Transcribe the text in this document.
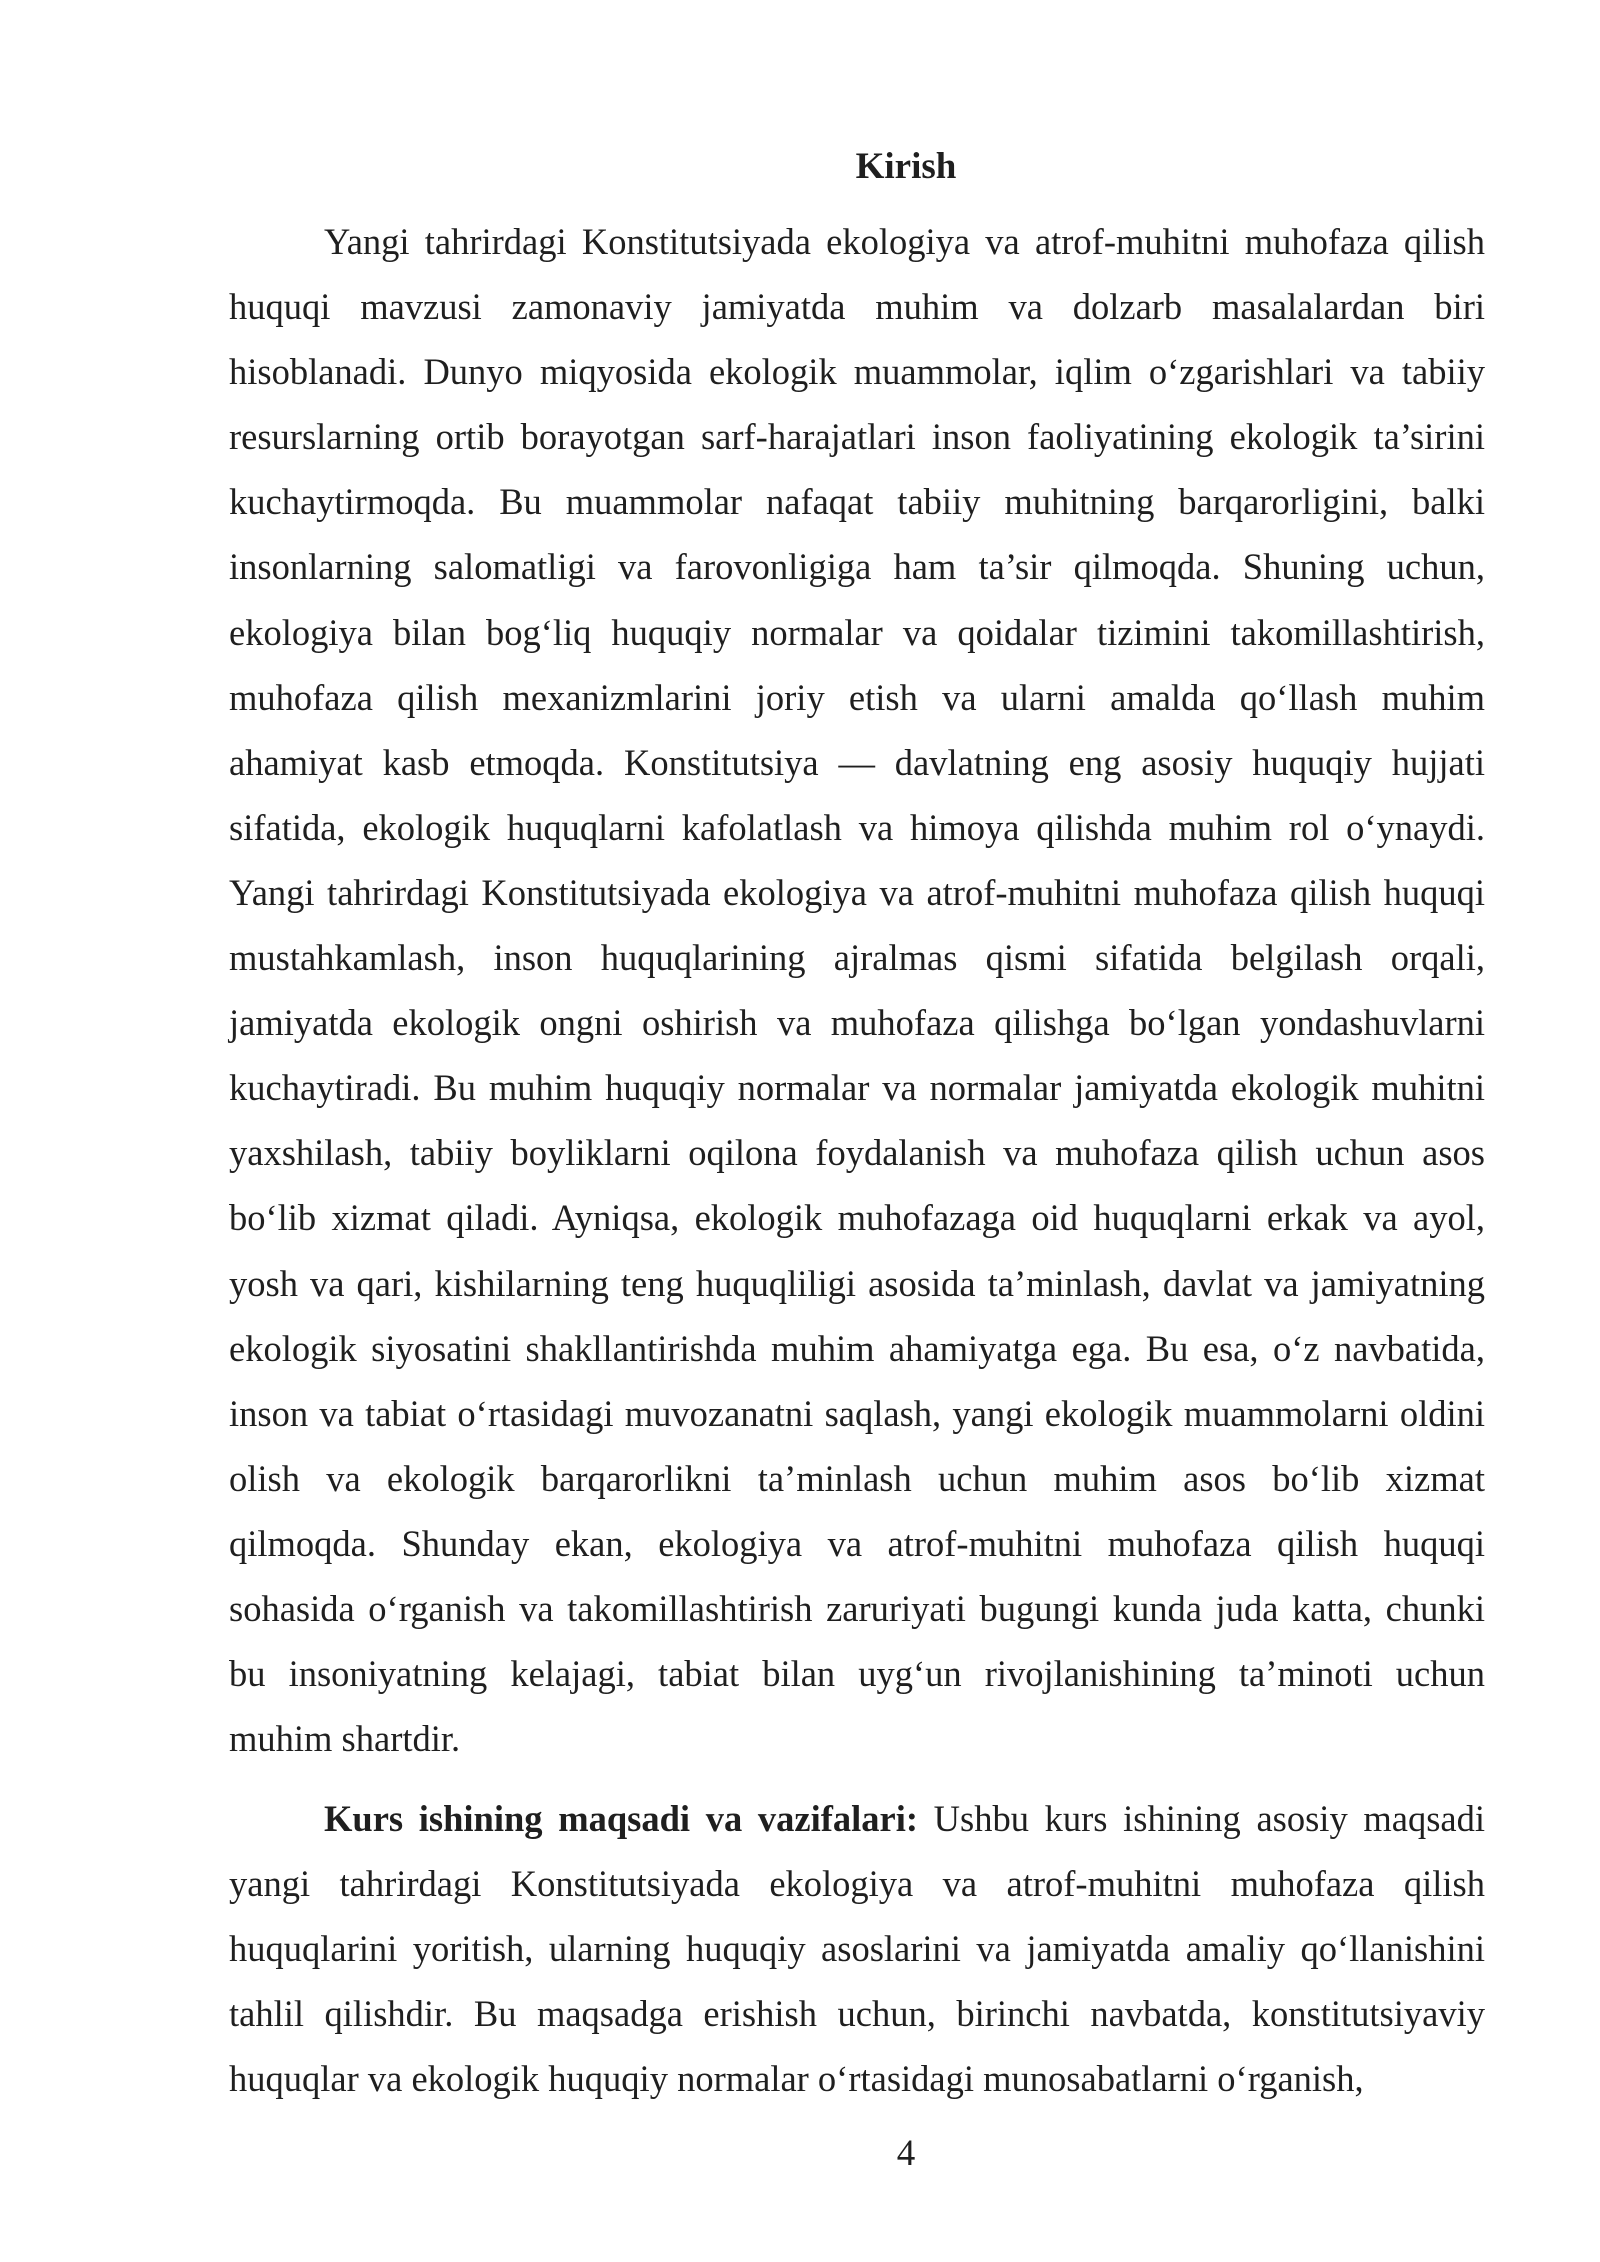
Kirish

Yangi tahrirdagi Konstitutsiyada ekologiya va atrof-muhitni muhofaza qilish huquqi mavzusi zamonaviy jamiyatda muhim va dolzarb masalalardan biri hisoblanadi. Dunyo miqyosida ekologik muammolar, iqlim o‘zgarishlari va tabiiy resurslarning ortib borayotgan sarf-harajatlari inson faoliyatining ekologik ta’sirini kuchaytirmoqda. Bu muammolar nafaqat tabiiy muhitning barqarorligini, balki insonlarning salomatligi va farovonligiga ham ta’sir qilmoqda. Shuning uchun, ekologiya bilan bog‘liq huquqiy normalar va qoidalar tizimini takomillashtirish, muhofaza qilish mexanizmlarini joriy etish va ularni amalda qo‘llash muhim ahamiyat kasb etmoqda. Konstitutsiya — davlatning eng asosiy huquqiy hujjati sifatida, ekologik huquqlarni kafolatlash va himoya qilishda muhim rol o‘ynaydi. Yangi tahrirdagi Konstitutsiyada ekologiya va atrof-muhitni muhofaza qilish huquqi mustahkamlash, inson huquqlarining ajralmas qismi sifatida belgilash orqali, jamiyatda ekologik ongni oshirish va muhofaza qilishga bo‘lgan yondashuvlarni kuchaytiradi. Bu muhim huquqiy normalar va normalar jamiyatda ekologik muhitni yaxshilash, tabiiy boyliklarni oqilona foydalanish va muhofaza qilish uchun asos bo‘lib xizmat qiladi. Ayniqsa, ekologik muhofazaga oid huquqlarni erkak va ayol, yosh va qari, kishilarning teng huquqliligi asosida ta’minlash, davlat va jamiyatning ekologik siyosatini shakllantirishda muhim ahamiyatga ega. Bu esa, o‘z navbatida, inson va tabiat o‘rtasidagi muvozanatni saqlash, yangi ekologik muammolarni oldini olish va ekologik barqarorlikni ta’minlash uchun muhim asos bo‘lib xizmat qilmoqda. Shunday ekan, ekologiya va atrof-muhitni muhofaza qilish huquqi sohasida o‘rganish va takomillashtirish zaruriyati bugungi kunda juda katta, chunki bu insoniyatning kelajagi, tabiat bilan uyg‘un rivojlanishining ta’minoti uchun muhim shartdir.

Kurs ishining maqsadi va vazifalari: Ushbu kurs ishining asosiy maqsadi yangi tahrirdagi Konstitutsiyada ekologiya va atrof-muhitni muhofaza qilish huquqlarini yoritish, ularning huquqiy asoslarini va jamiyatda amaliy qo‘llanishini tahlil qilishdir. Bu maqsadga erishish uchun, birinchi navbatda, konstitutsiyaviy huquqlar va ekologik huquqiy normalar o‘rtasidagi munosabatlarni o‘rganish,

4
